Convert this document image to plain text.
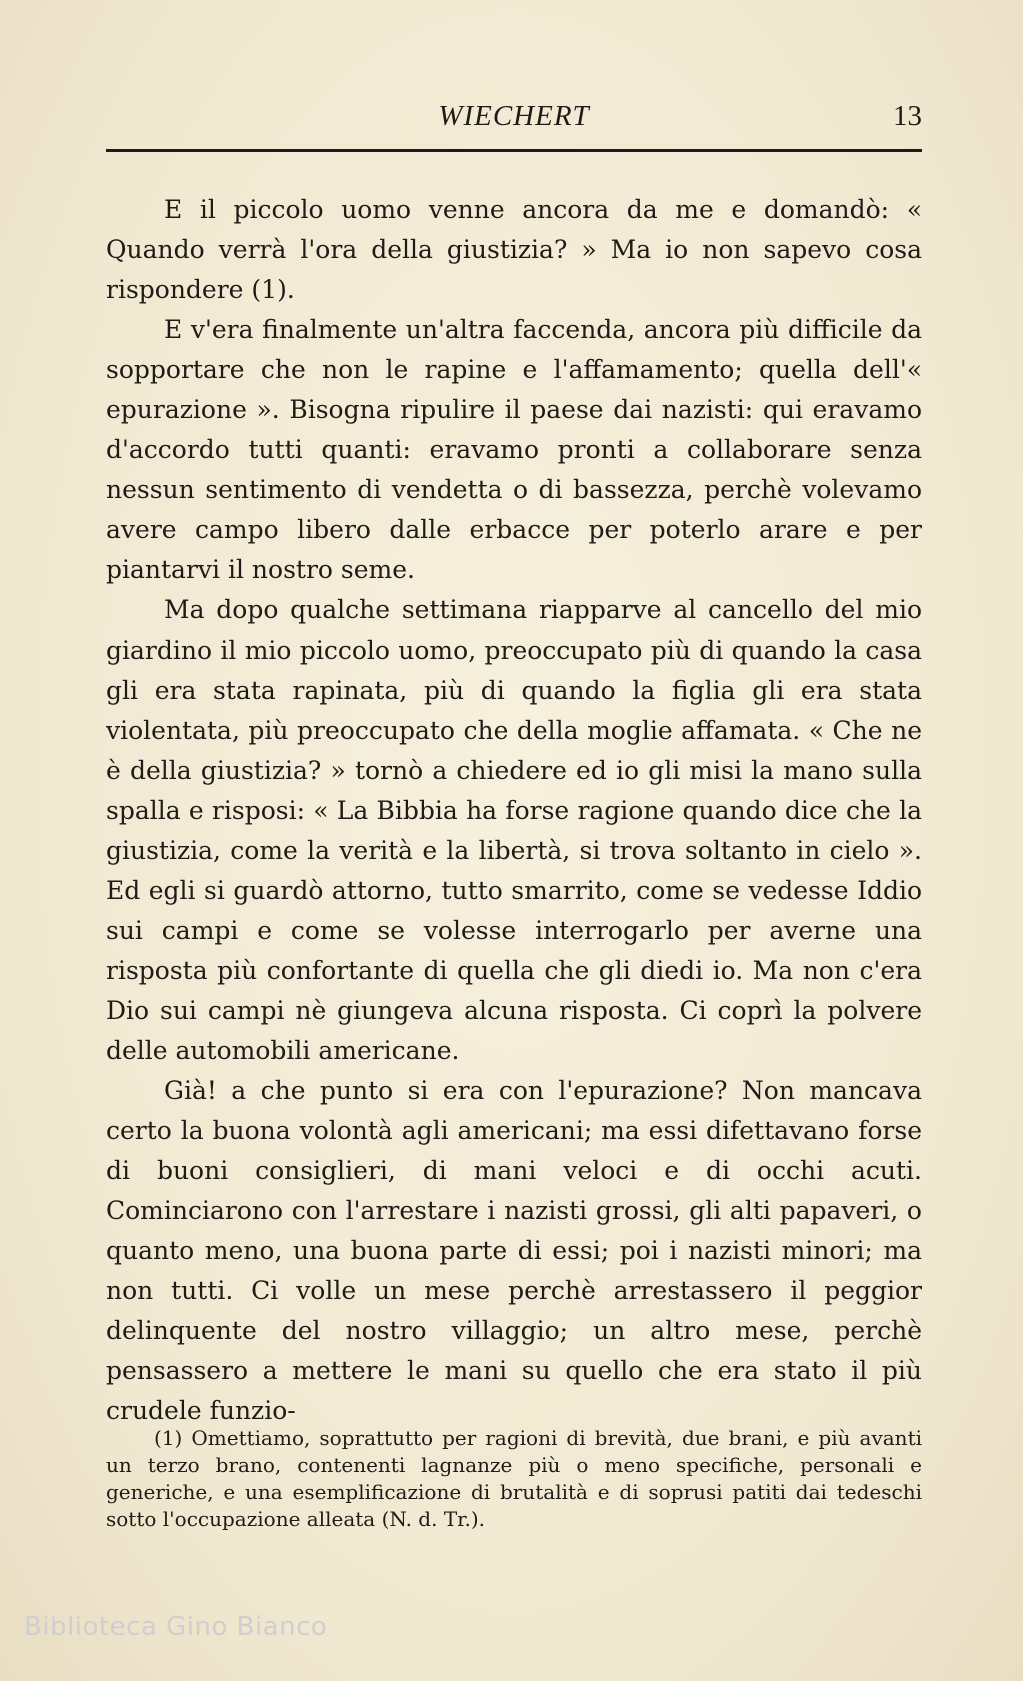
WIECHERT	13

E il piccolo uomo venne ancora da me e domandò: « Quando verrà l'ora della giustizia? » Ma io non sapevo cosa rispondere (1).

E v'era finalmente un'altra faccenda, ancora più difficile da sopportare che non le rapine e l'affamamento; quella dell'« epurazione ». Bisogna ripulire il paese dai nazisti: qui eravamo d'accordo tutti quanti: eravamo pronti a collaborare senza nessun sentimento di vendetta o di bassezza, perchè volevamo avere campo libero dalle erbacce per poterlo arare e per piantarvi il nostro seme.

Ma dopo qualche settimana riapparve al cancello del mio giardino il mio piccolo uomo, preoccupato più di quando la casa gli era stata rapinata, più di quando la figlia gli era stata violentata, più preoccupato che della moglie affamata. « Che ne è della giustizia? » tornò a chiedere ed io gli misi la mano sulla spalla e risposi: « La Bibbia ha forse ragione quando dice che la giustizia, come la verità e la libertà, si trova soltanto in cielo ». Ed egli si guardò attorno, tutto smarrito, come se vedesse Iddio sui campi e come se volesse interrogarlo per averne una risposta più confortante di quella che gli diedi io. Ma non c'era Dio sui campi nè giungeva alcuna risposta. Ci coprì la polvere delle automobili americane.

Già! a che punto si era con l'epurazione? Non mancava certo la buona volontà agli americani; ma essi difettavano forse di buoni consiglieri, di mani veloci e di occhi acuti. Cominciarono con l'arrestare i nazisti grossi, gli alti papaveri, o quanto meno, una buona parte di essi; poi i nazisti minori; ma non tutti. Ci volle un mese perchè arrestassero il peggior delinquente del nostro villaggio; un altro mese, perchè pensassero a mettere le mani su quello che era stato il più crudele funzio-

(1) Omettiamo, soprattutto per ragioni di brevità, due brani, e più avanti un terzo brano, contenenti lagnanze più o meno specifiche, personali e generiche, e una esemplificazione di brutalità e di soprusi patiti dai tedeschi sotto l'occupazione alleata (N. d. Tr.).

Biblioteca Gino Bianco
